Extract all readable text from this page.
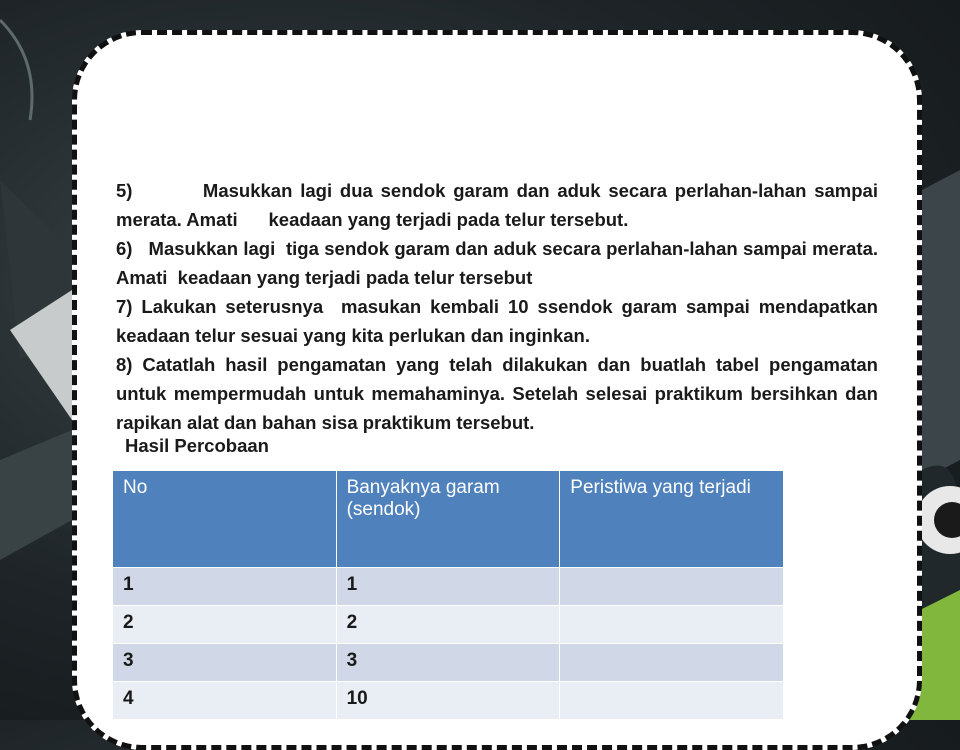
5)         Masukkan lagi dua sendok garam dan aduk secara perlahan-lahan sampai merata. Amati      keadaan yang terjadi pada telur tersebut.

6)   Masukkan lagi  tiga sendok garam dan aduk secara perlahan-lahan sampai merata. Amati  keadaan yang terjadi pada telur tersebut

7) Lakukan seterusnya  masukan kembali 10 ssendok garam sampai mendapatkan keadaan telur sesuai yang kita perlukan dan inginkan.

8) Catatlah hasil pengamatan yang telah dilakukan dan buatlah tabel pengamatan untuk mempermudah untuk memahaminya. Setelah selesai praktikum bersihkan dan rapikan alat dan bahan sisa praktikum tersebut.

Hasil Percobaan
No	Banyaknya garam (sendok)	Peristiwa yang terjadi
1	1	
2	2	
3	3	
4	10	
